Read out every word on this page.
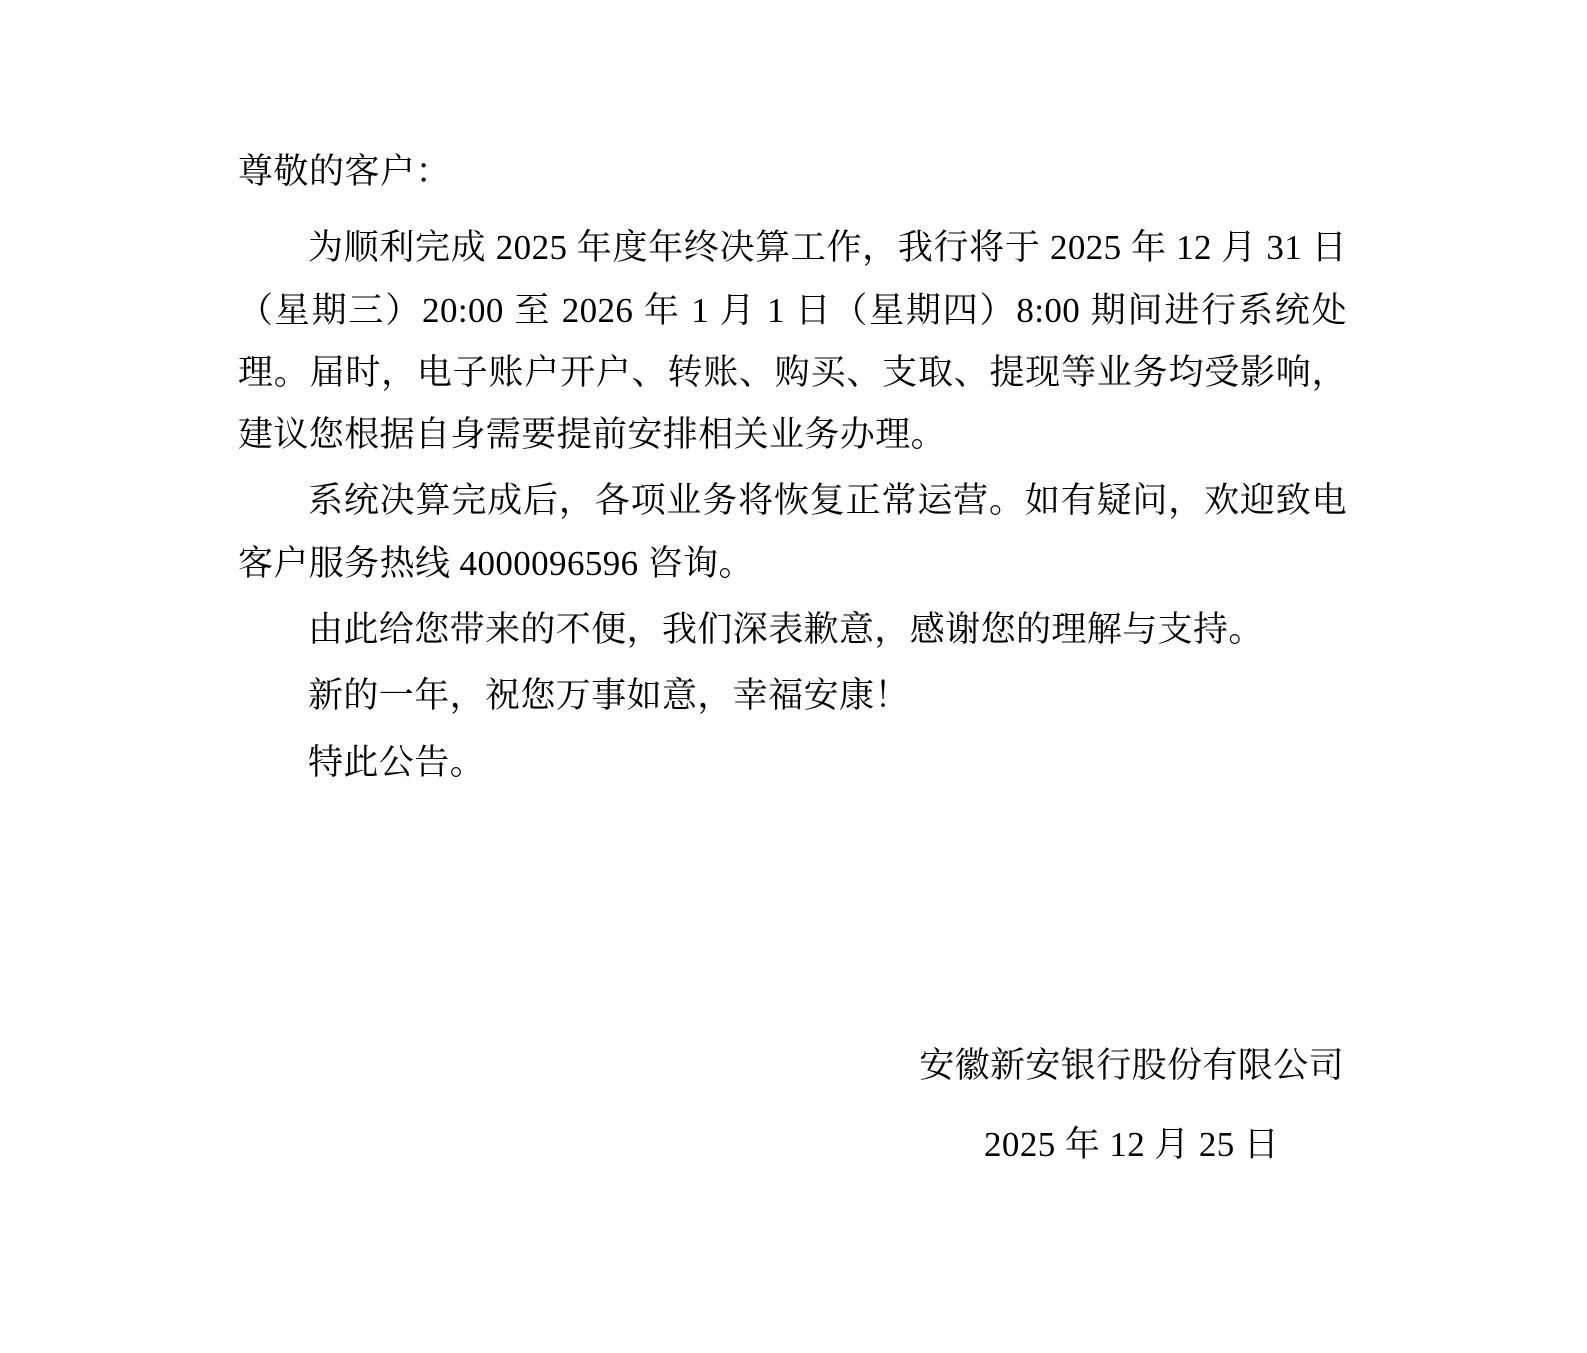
尊敬的客户：

为顺利完成 2025 年度年终决算工作，我行将于 2025 年 12 月 31 日（星期三）20:00 至 2026 年 1 月 1 日（星期四）8:00 期间进行系统处理。届时，电子账户开户、转账、购买、支取、提现等业务均受影响，建议您根据自身需要提前安排相关业务办理。

系统决算完成后，各项业务将恢复正常运营。如有疑问，欢迎致电客户服务热线 4000096596 咨询。

由此给您带来的不便，我们深表歉意，感谢您的理解与支持。

新的一年，祝您万事如意，幸福安康！

特此公告。

安徽新安银行股份有限公司

2025 年 12 月 25 日
